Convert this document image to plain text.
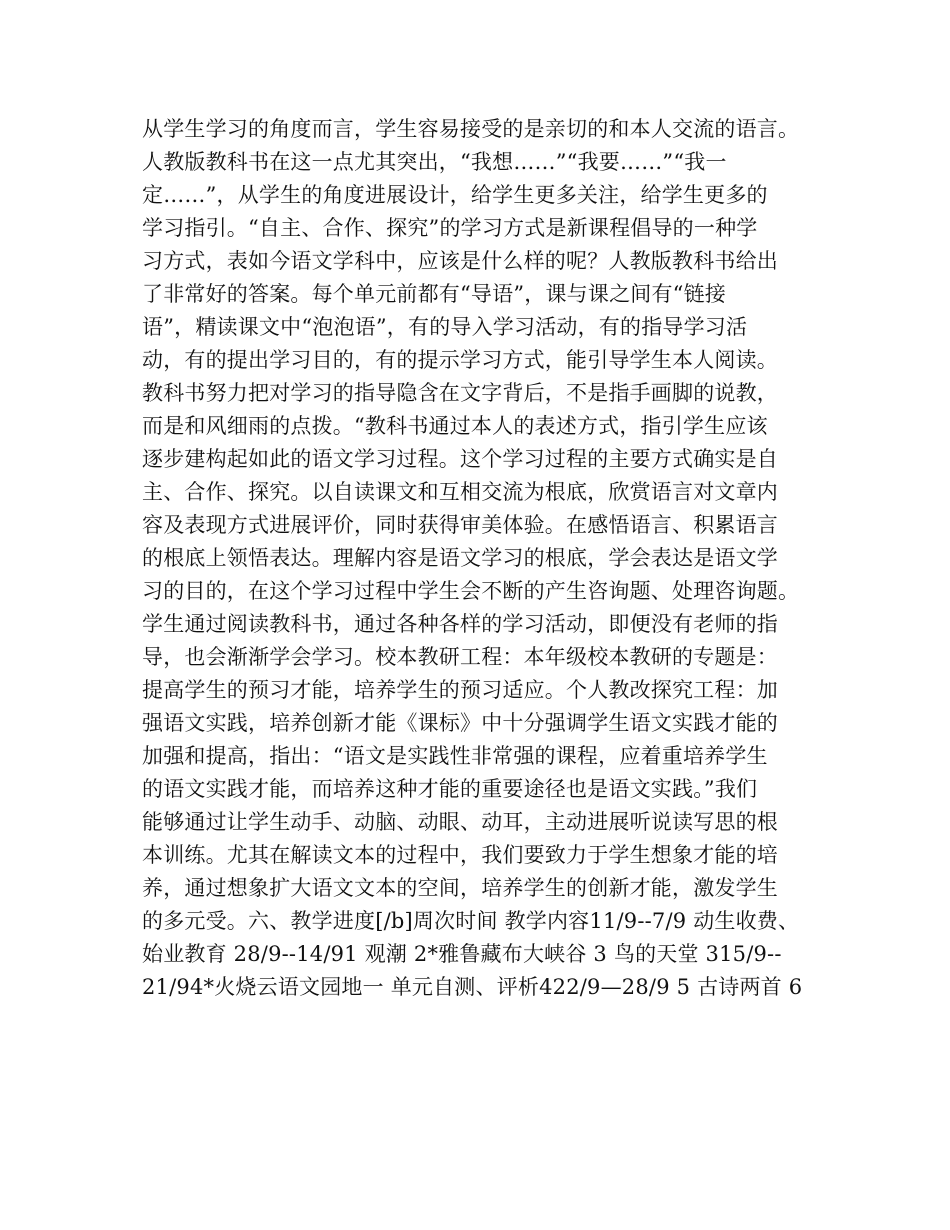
从学生学习的角度而言，学生容易接受的是亲切的和本人交流的语言。
人教版教科书在这一点尤其突出，“我想……”“我要……”“我一
定……”，从学生的角度进展设计，给学生更多关注，给学生更多的
学习指引。“自主、合作、探究”的学习方式是新课程倡导的一种学
习方式，表如今语文学科中，应该是什么样的呢？人教版教科书给出
了非常好的答案。每个单元前都有“导语”，课与课之间有“链接
语”，精读课文中“泡泡语”，有的导入学习活动，有的指导学习活
动，有的提出学习目的，有的提示学习方式，能引导学生本人阅读。
教科书努力把对学习的指导隐含在文字背后，不是指手画脚的说教，
而是和风细雨的点拨。“教科书通过本人的表述方式，指引学生应该
逐步建构起如此的语文学习过程。这个学习过程的主要方式确实是自
主、合作、探究。以自读课文和互相交流为根底，欣赏语言对文章内
容及表现方式进展评价，同时获得审美体验。在感悟语言、积累语言
的根底上领悟表达。理解内容是语文学习的根底，学会表达是语文学
习的目的，在这个学习过程中学生会不断的产生咨询题、处理咨询题。
学生通过阅读教科书，通过各种各样的学习活动，即便没有老师的指
导，也会渐渐学会学习。校本教研工程：本年级校本教研的专题是：
提高学生的预习才能，培养学生的预习适应。个人教改探究工程：加
强语文实践，培养创新才能《课标》中十分强调学生语文实践才能的
加强和提高，指出：“语文是实践性非常强的课程，应着重培养学生
的语文实践才能，而培养这种才能的重要途径也是语文实践。”我们
能够通过让学生动手、动脑、动眼、动耳，主动进展听说读写思的根
本训练。尤其在解读文本的过程中，我们要致力于学生想象才能的培
养，通过想象扩大语文文本的空间，培养学生的创新才能，激发学生
的多元受。六、教学进度[/b]周次时间 教学内容11/9--7/9 动生收费、
始业教育 28/9--14/91 观潮 2*雅鲁藏布大峡谷 3 鸟的天堂 315/9--
21/94*火烧云语文园地一 单元自测、评析422/9—28/9 5 古诗两首 6
